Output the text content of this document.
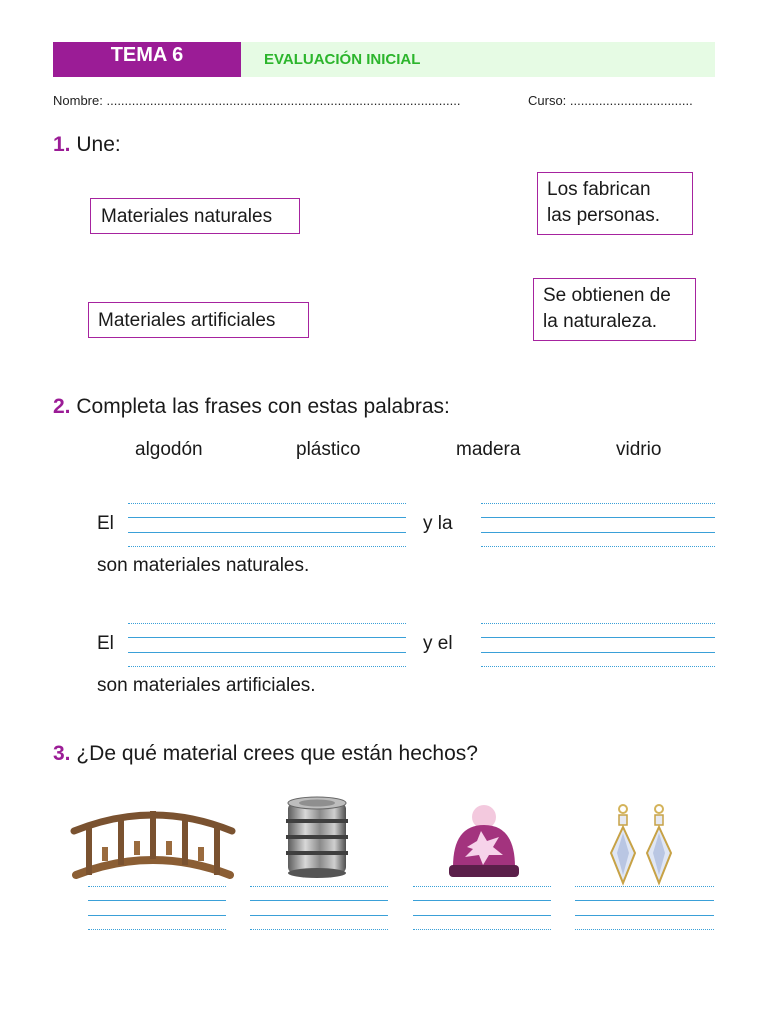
TEMA 6	EVALUACIÓN INICIAL
Nombre: ..................................................................................................	Curso: ..................................
1. Une:
Materiales naturales
Materiales artificiales
Los fabrican
las personas.
Se obtienen de
la naturaleza.
2. Completa las frases con estas palabras:
algodón	plástico	madera	vidrio
El	y la
son materiales naturales.
El	y el
son materiales artificiales.
3. ¿De qué material crees que están hechos?
